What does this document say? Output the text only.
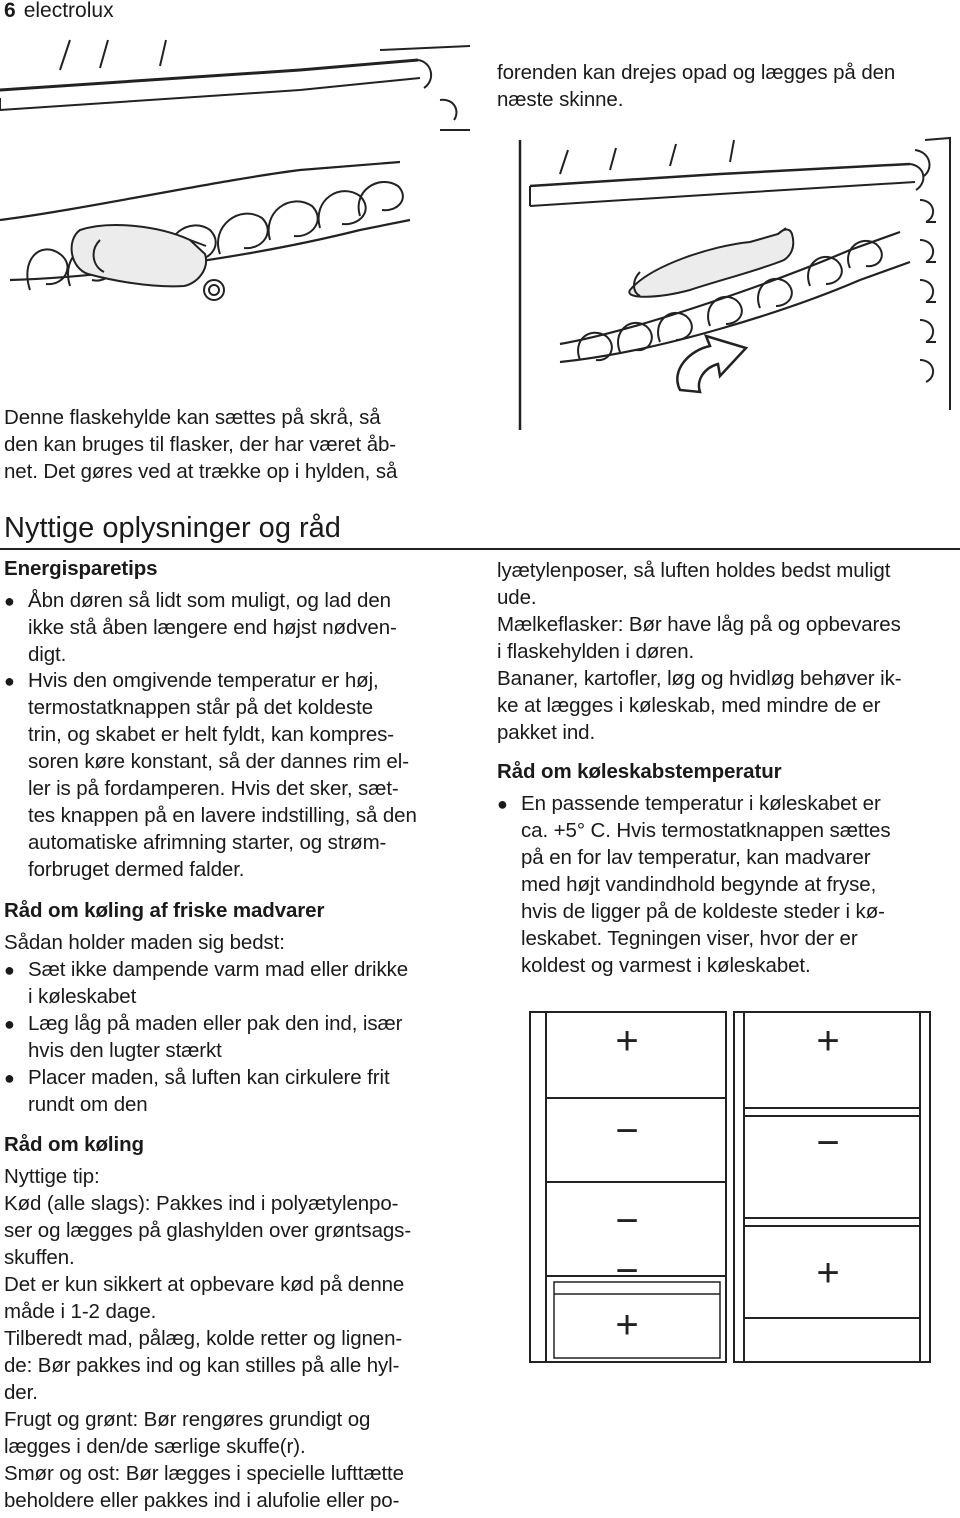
6 electrolux
forenden kan drejes opad og lægges på den
næste skinne.
Denne flaskehylde kan sættes på skrå, så
den kan bruges til flasker, der har været åb-
net. Det gøres ved at trække op i hylden, så
Nyttige oplysninger og råd
Energisparetips
● Åbn døren så lidt som muligt, og lad den
ikke stå åben længere end højst nødven-
digt.
● Hvis den omgivende temperatur er høj,
termostatknappen står på det koldeste
trin, og skabet er helt fyldt, kan kompres-
soren køre konstant, så der dannes rim el-
ler is på fordamperen. Hvis det sker, sæt-
tes knappen på en lavere indstilling, så den
automatiske afrimning starter, og strøm-
forbruget dermed falder.
Råd om køling af friske madvarer
Sådan holder maden sig bedst:
● Sæt ikke dampende varm mad eller drikke
i køleskabet
● Læg låg på maden eller pak den ind, især
hvis den lugter stærkt
● Placer maden, så luften kan cirkulere frit
rundt om den
Råd om køling
Nyttige tip:
Kød (alle slags): Pakkes ind i polyætylenpo-
ser og lægges på glashylden over grøntsags-
skuffen.
Det er kun sikkert at opbevare kød på denne
måde i 1-2 dage.
Tilberedt mad, pålæg, kolde retter og lignen-
de: Bør pakkes ind og kan stilles på alle hyl-
der.
Frugt og grønt: Bør rengøres grundigt og
lægges i den/de særlige skuffe(r).
Smør og ost: Bør lægges i specielle lufttætte
beholdere eller pakkes ind i alufolie eller po-
lyætylenposer, så luften holdes bedst muligt
ude.
Mælkeflasker: Bør have låg på og opbevares
i flaskehylden i døren.
Bananer, kartofler, løg og hvidløg behøver ik-
ke at lægges i køleskab, med mindre de er
pakket ind.
Råd om køleskabstemperatur
● En passende temperatur i køleskabet er
ca. +5° C. Hvis termostatknappen sættes
på en for lav temperatur, kan madvarer
med højt vandindhold begynde at fryse,
hvis de ligger på de koldeste steder i kø-
leskabet. Tegningen viser, hvor der er
koldest og varmest i køleskabet.
+
−
−
−
+
+
−
+
